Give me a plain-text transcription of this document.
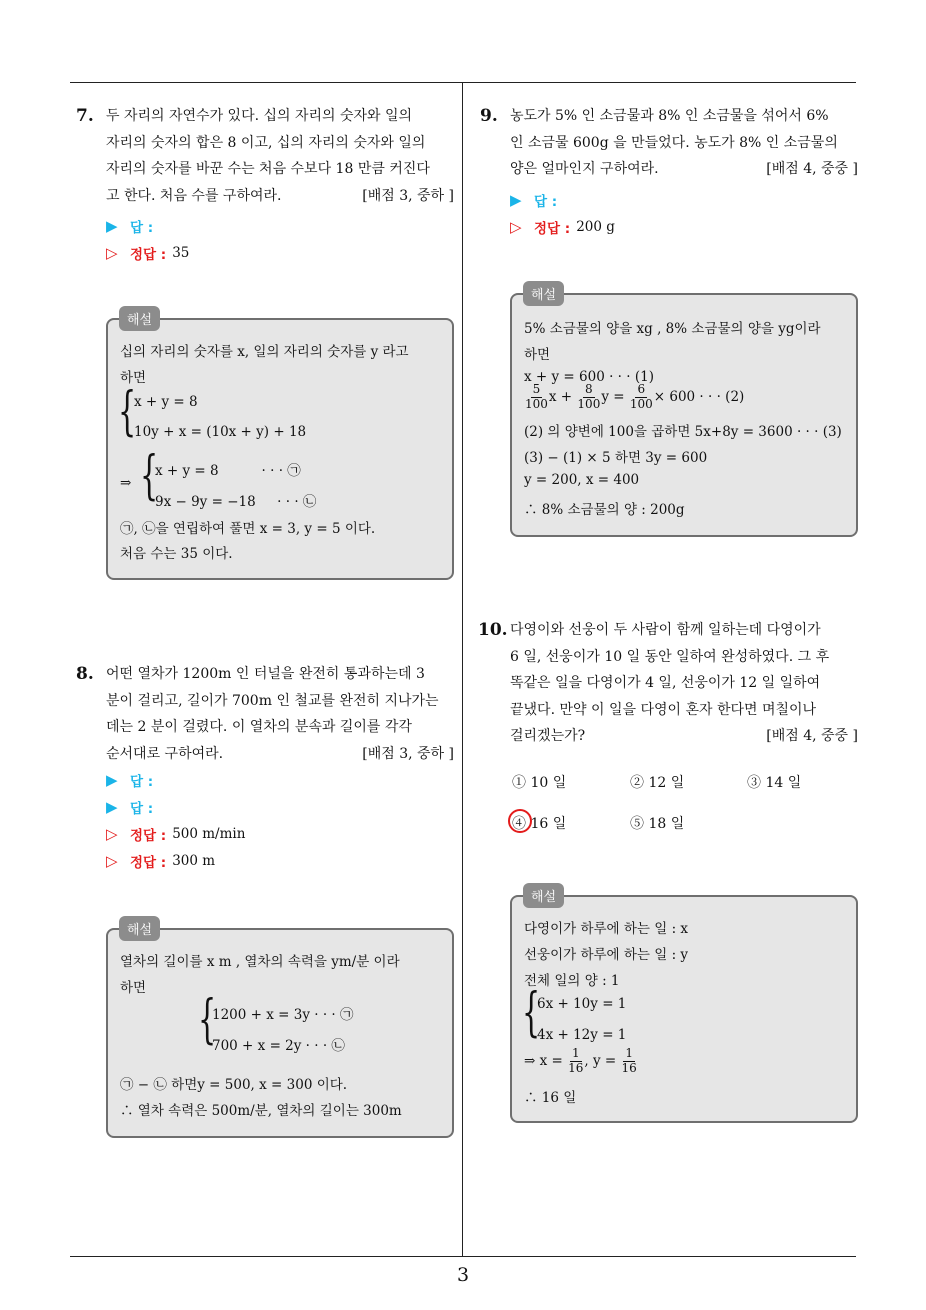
3
7. 두 자리의 자연수가 있다. 십의 자리의 숫자와 일의
자리의 숫자의 합은 8 이고, 십의 자리의 숫자와 일의
자리의 숫자를 바꾼 수는 처음 수보다 18 만큼 커진다
고 한다. 처음 수를 구하여라.	[배점 3, 중하 ]
▶ 답 :
▷ 정답 : 35
십의 자리의 숫자를 x, 일의 자리의 숫자를 y 라고
하면
{
x + y = 8
10y + x = (10x + y) + 18
⇒ {
x + y = 8          · · · ㉠
9x − 9y = −18     · · · ㉡
㉠, ㉡을 연립하여 풀면 x = 3, y = 5 이다.
처음 수는 35 이다.
해설
8. 어떤 열차가 1200m 인 터널을 완전히 통과하는데 3
분이 걸리고, 길이가 700m 인 철교를 완전히 지나가는
데는 2 분이 걸렸다. 이 열차의 분속과 길이를 각각
순서대로 구하여라.	[배점 3, 중하 ]
▶ 답 :
▶ 답 :
▷ 정답 : 500 m/min
▷ 정답 : 300 m
열차의 길이를 x m , 열차의 속력을 ym/분 이라
하면
{
1200 + x = 3y · · · ㉠
700 + x = 2y · · · ㉡
㉠ − ㉡ 하면y = 500, x = 300 이다.
∴ 열차 속력은 500m/분, 열차의 길이는 300m
해설
9. 농도가 5% 인 소금물과 8% 인 소금물을 섞어서 6%
인 소금물 600g 을 만들었다. 농도가 8% 인 소금물의
양은 얼마인지 구하여라.	[배점 4, 중중 ]
▶ 답 :
▷ 정답 : 200 g
5% 소금물의 양을 xg , 8% 소금물의 양을 yg이라
하면
x + y = 600 · · · (1)
$\frac{5}{100}$ $x + \frac{8}{100}$ $y = \frac{6}{100} \times 600$ · · · (2)
(2) 의 양변에 100을 곱하면 5x+8y = 3600 · · · (3)
(3) − (1) × 5 하면 3y = 600
y = 200, x = 400
∴ 8% 소금물의 양 : 200g
해설
10. 다영이와 선웅이 두 사람이 함께 일하는데 다영이가
6 일, 선웅이가 10 일 동안 일하여 완성하였다. 그 후
똑같은 일을 다영이가 4 일, 선웅이가 12 일 일하여
끝냈다. 만약 이 일을 다영이 혼자 한다면 며칠이나
걸리겠는가?	[배점 4, 중중 ]
① 10 일	② 12 일	③ 14 일
④ 16 일	⑤ 18 일
다영이가 하루에 하는 일 : x
선웅이가 하루에 하는 일 : y
전체 일의 양 : 1
{
6x + 10y = 1
4x + 12y = 1
⇒ $x = \frac{1}{16}$ , $y = \frac{1}{16}$
∴ 16 일
해설
